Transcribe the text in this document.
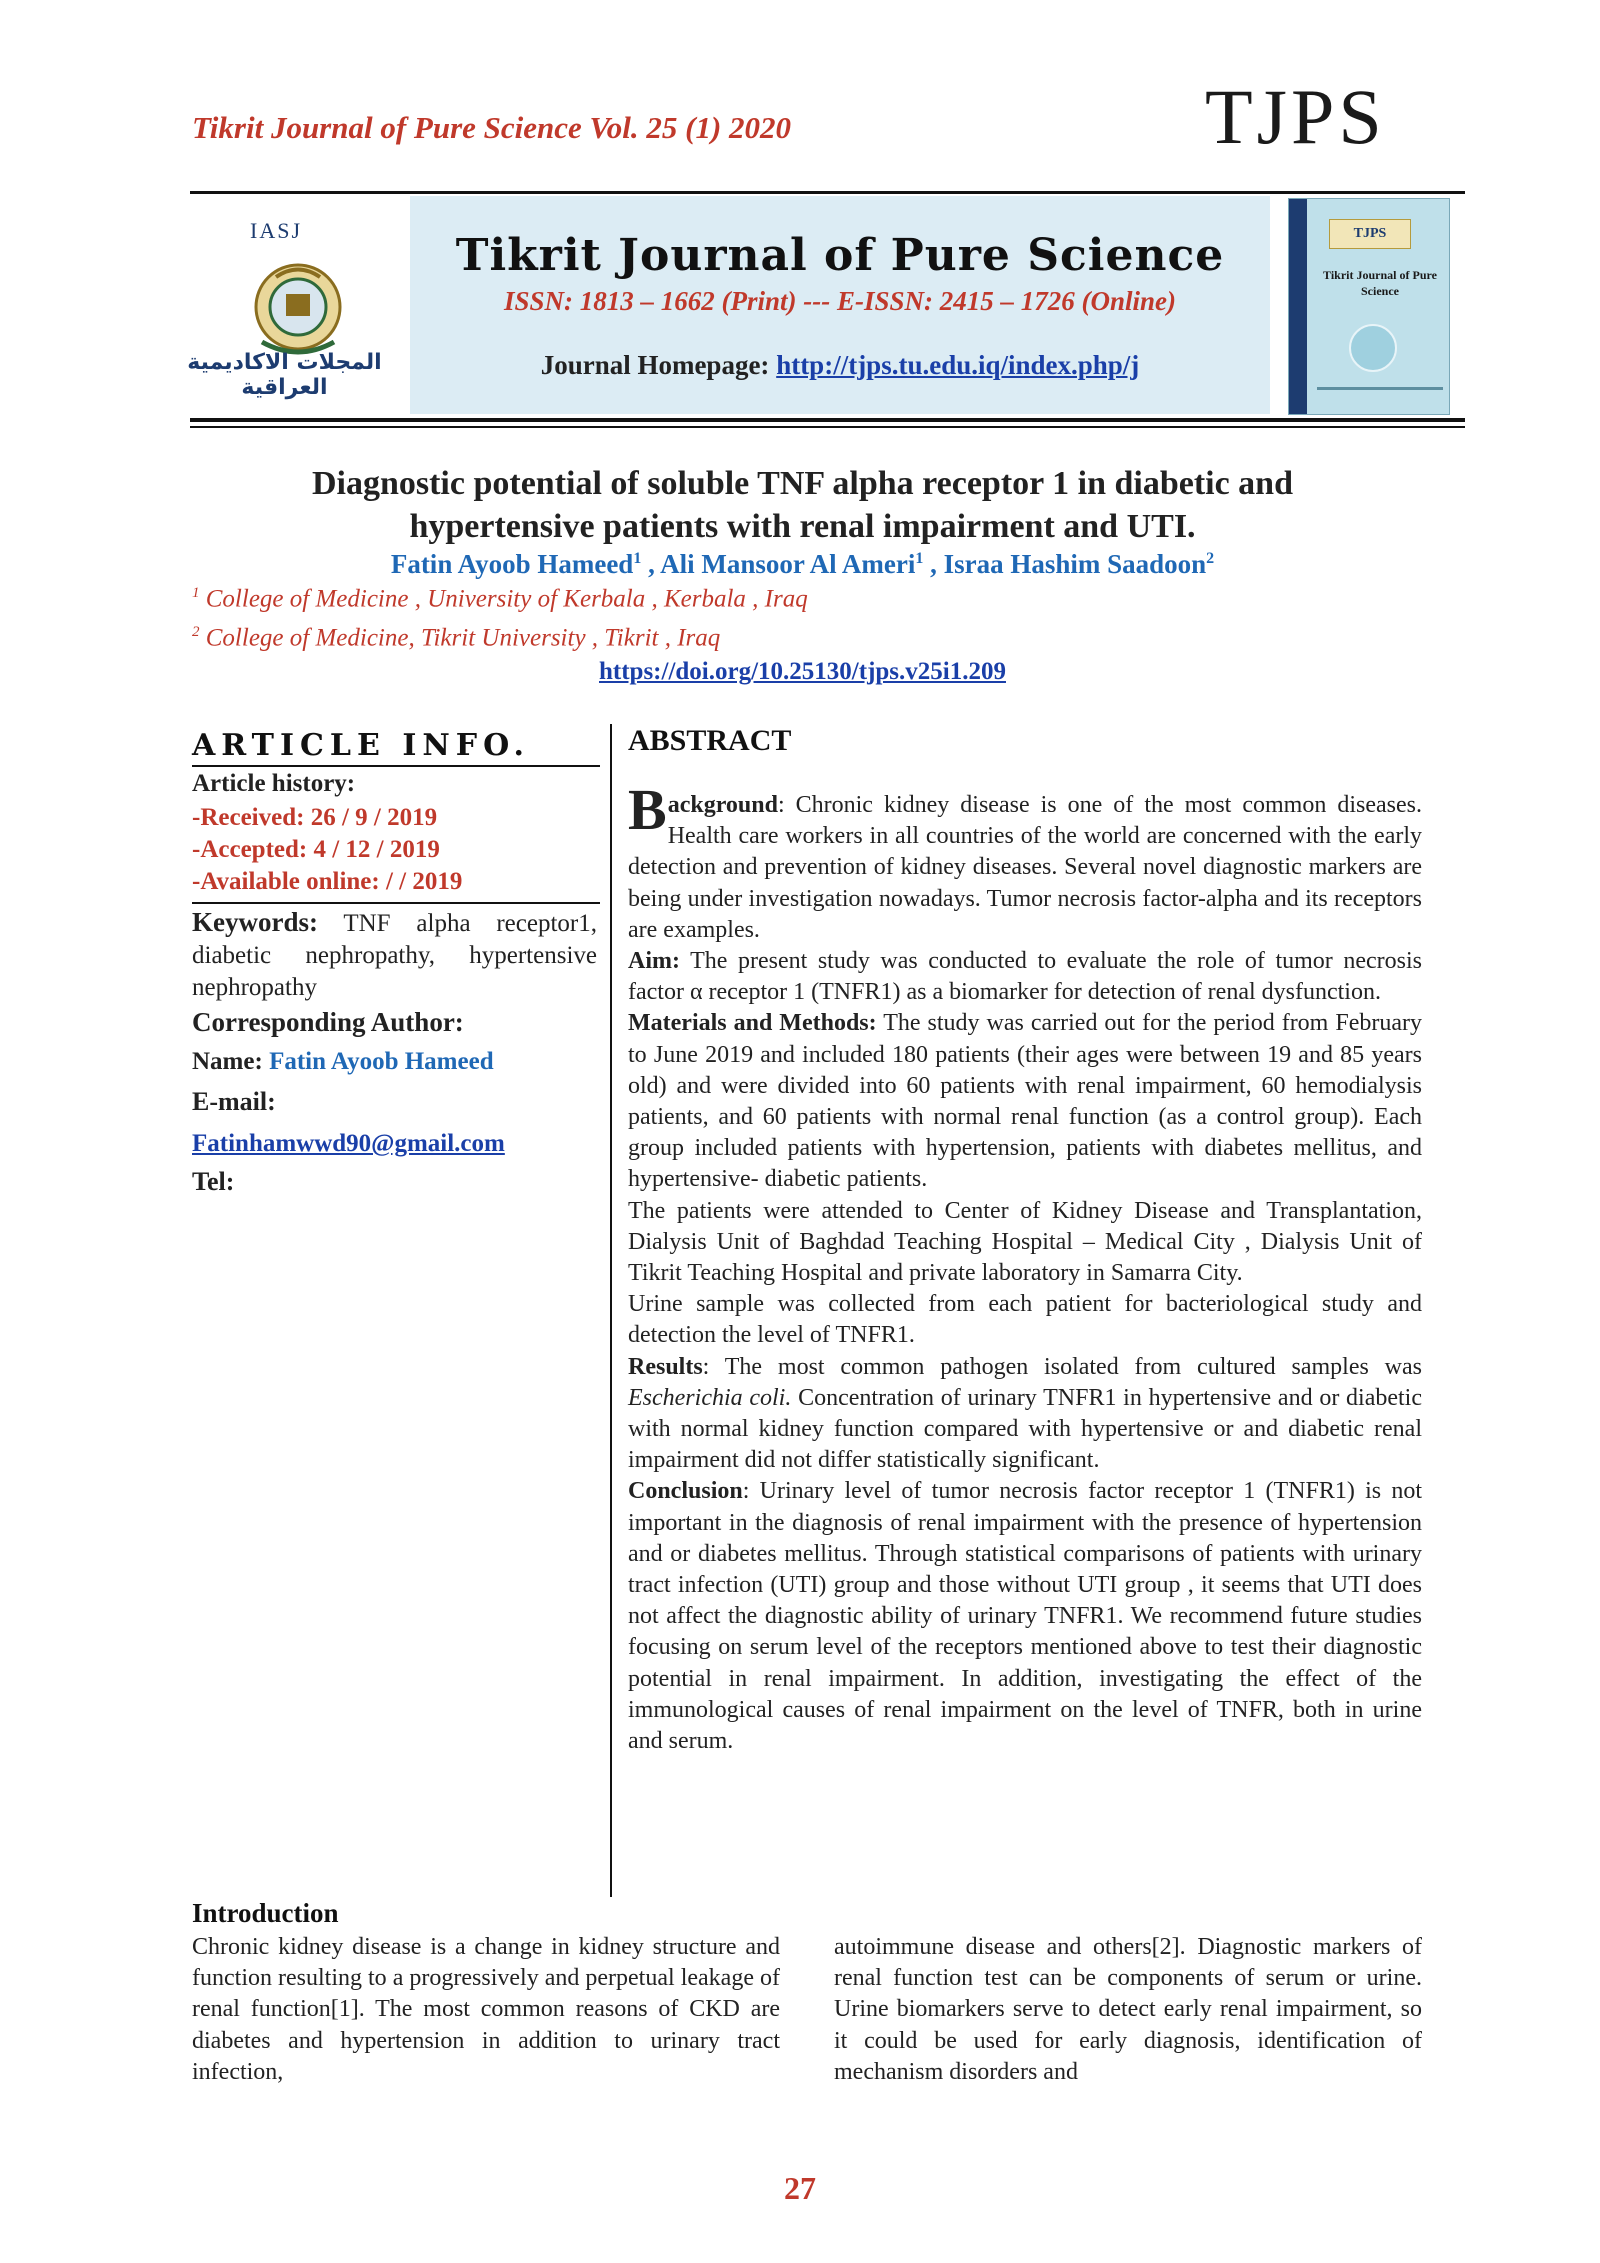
Tikrit Journal of Pure Science Vol. 25 (1) 2020	TJPS
IASJ
المجلات الاكاديمية العراقية
Tikrit Journal of Pure Science
ISSN: 1813 – 1662 (Print) --- E-ISSN: 2415 – 1726 (Online)
Journal Homepage: http://tjps.tu.edu.iq/index.php/j
TJPS
Tikrit Journal of Pure Science
Diagnostic potential of soluble TNF alpha receptor 1 in diabetic and
hypertensive patients with renal impairment and UTI.
Fatin Ayoob Hameed$^1$ , Ali Mansoor Al Ameri$^1$ , Israa Hashim Saadoon$^2$
$^1$ College of Medicine , University of Kerbala , Kerbala , Iraq
$^2$ College of Medicine, Tikrit University , Tikrit , Iraq
https://doi.org/10.25130/tjps.v25i1.209
ARTICLE INFO.
Article history:
-Received: 26 / 9 / 2019
-Accepted: 4 / 12 / 2019
-Available online: / / 2019
Keywords: TNF alpha receptor1, diabetic nephropathy, hypertensive nephropathy
Corresponding Author:
Name: Fatin Ayoob Hameed
E-mail:
Fatinhamwwd90@gmail.com
Tel:
ABSTRACT

Background: Chronic kidney disease is one of the most common diseases. Health care workers in all countries of the world are concerned with the early detection and prevention of kidney diseases. Several novel diagnostic markers are being under investigation nowadays. Tumor necrosis factor-alpha and its receptors are examples.

Aim: The present study was conducted to evaluate the role of tumor necrosis factor α receptor 1 (TNFR1) as a biomarker for detection of renal dysfunction.

Materials and Methods: The study was carried out for the period from February to June 2019 and included 180 patients (their ages were between 19 and 85 years old) and were divided into 60 patients with renal impairment, 60 hemodialysis patients, and 60 patients with normal renal function (as a control group). Each group included patients with hypertension, patients with diabetes mellitus, and hypertensive- diabetic patients.

The patients were attended to Center of Kidney Disease and Transplantation, Dialysis Unit of Baghdad Teaching Hospital – Medical City , Dialysis Unit of Tikrit Teaching Hospital and private laboratory in Samarra City.

Urine sample was collected from each patient for bacteriological study and detection the level of TNFR1.

Results: The most common pathogen isolated from cultured samples was Escherichia coli. Concentration of urinary TNFR1 in hypertensive and or diabetic with normal kidney function compared with hypertensive or and diabetic renal impairment did not differ statistically significant.

Conclusion: Urinary level of tumor necrosis factor receptor 1 (TNFR1) is not important in the diagnosis of renal impairment with the presence of hypertension and or diabetes mellitus. Through statistical comparisons of patients with urinary tract infection (UTI) group and those without UTI group , it seems that UTI does not affect the diagnostic ability of urinary TNFR1. We recommend future studies focusing on serum level of the receptors mentioned above to test their diagnostic potential in renal impairment. In addition, investigating the effect of the immunological causes of renal impairment on the level of TNFR, both in urine and serum.

Introduction
Chronic kidney disease is a change in kidney structure and function resulting to a progressively and perpetual leakage of renal function[1]. The most common reasons of CKD are diabetes and hypertension in addition to urinary tract infection,
autoimmune disease and others[2]. Diagnostic markers of renal function test can be components of serum or urine. Urine biomarkers serve to detect early renal impairment, so it could be used for early diagnosis, identification of mechanism disorders and
27
